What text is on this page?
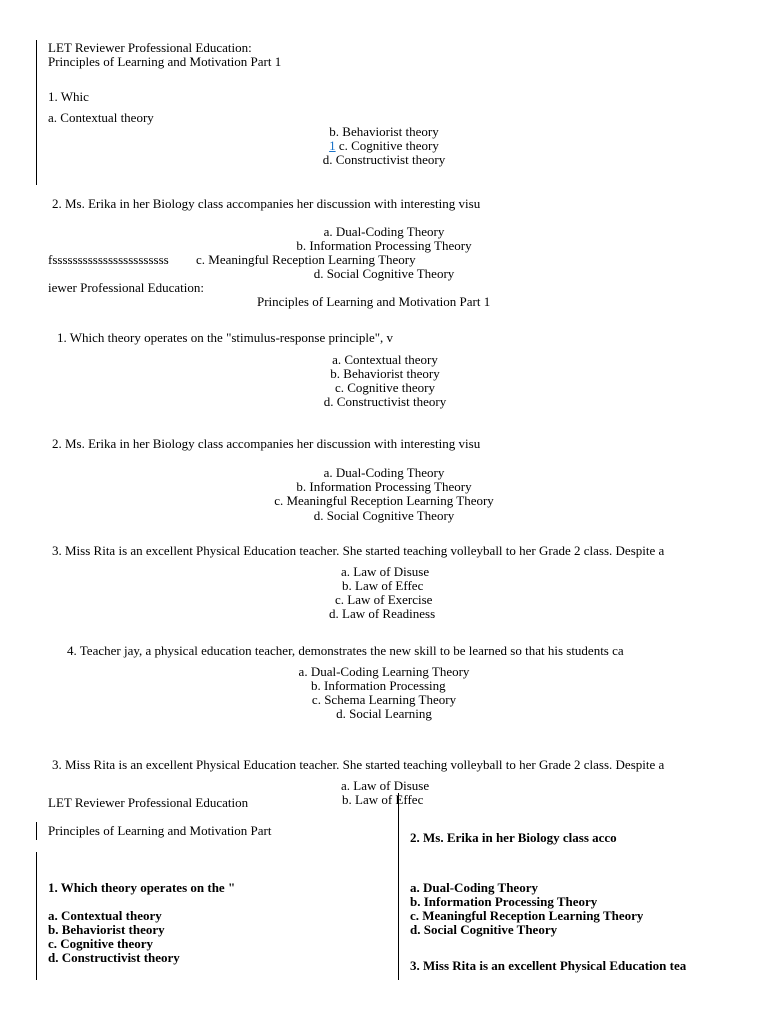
LET Reviewer Professional Education:
Principles of Learning and Motivation Part 1
1. Whic
a. Contextual theory
b. Behaviorist theory
1 c. Cognitive theory
d. Constructivist theory
2. Ms. Erika in her Biology class accompanies her discussion with interesting visu
a. Dual-Coding Theory
b. Information Processing Theory
fsssssssssssssssssssssss c. Meaningful Reception Learning Theory
d. Social Cognitive Theory
iewer Professional Education:
Principles of Learning and Motivation Part 1
1. Which theory operates on the "stimulus-response principle", v
a. Contextual theory
b. Behaviorist theory
c. Cognitive theory
d. Constructivist theory
2. Ms. Erika in her Biology class accompanies her discussion with interesting visu
a. Dual-Coding Theory
b. Information Processing Theory
c. Meaningful Reception Learning Theory
d. Social Cognitive Theory
3. Miss Rita is an excellent Physical Education teacher. She started teaching volleyball to her Grade 2 class. Despite a
a. Law of Disuse
b. Law of Effec
c. Law of Exercise
d. Law of Readiness
4. Teacher jay, a physical education teacher, demonstrates the new skill to be learned so that his students ca
a. Dual-Coding Learning Theory
b. Information Processing
c. Schema Learning Theory
d. Social Learning
3. Miss Rita is an excellent Physical Education teacher. She started teaching volleyball to her Grade 2 class. Despite a
a. Law of Disuse
b. Law of Effec
LET Reviewer Professional Education
Principles of Learning and Motivation Part
1. Which theory operates on the "
a. Contextual theory
b. Behaviorist theory
c. Cognitive theory
d. Constructivist theory
2. Ms. Erika in her Biology class acco
a. Dual-Coding Theory
b. Information Processing Theory
c. Meaningful Reception Learning Theory
d. Social Cognitive Theory
3. Miss Rita is an excellent Physical Education tea
